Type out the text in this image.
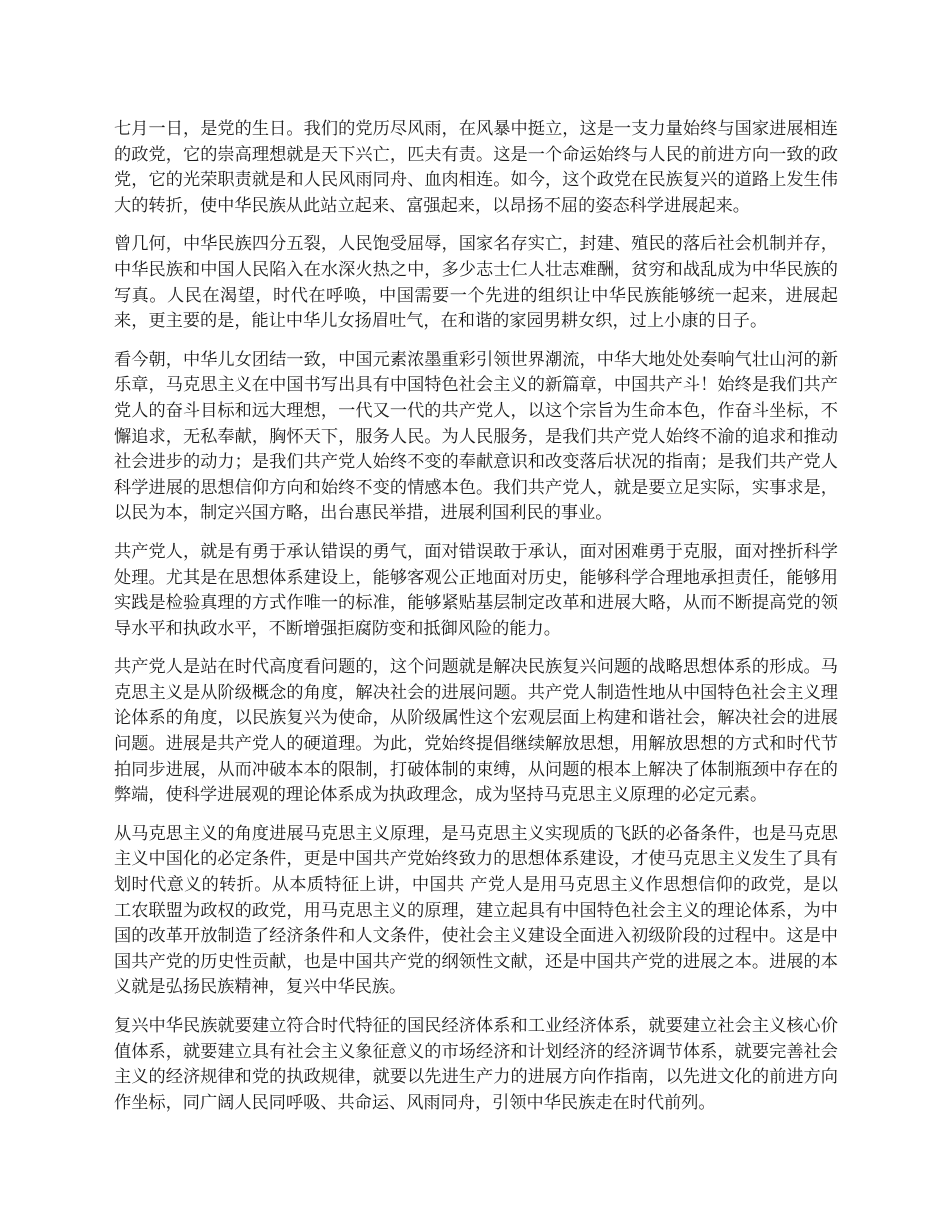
七月一日，是党的生日。我们的党历尽风雨，在风暴中挺立，这是一支力量始终与国家进展相连的政党，它的崇高理想就是天下兴亡，匹夫有责。这是一个命运始终与人民的前进方向一致的政党，它的光荣职责就是和人民风雨同舟、血肉相连。如今，这个政党在民族复兴的道路上发生伟大的转折，使中华民族从此站立起来、富强起来，以昂扬不屈的姿态科学进展起来。

曾几何，中华民族四分五裂，人民饱受屈辱，国家名存实亡，封建、殖民的落后社会机制并存，中华民族和中国人民陷入在水深火热之中，多少志士仁人壮志难酬，贫穷和战乱成为中华民族的写真。人民在渴望，时代在呼唤，中国需要一个先进的组织让中华民族能够统一起来，进展起来，更主要的是，能让中华儿女扬眉吐气，在和谐的家园男耕女织，过上小康的日子。

看今朝，中华儿女团结一致，中国元素浓墨重彩引领世界潮流，中华大地处处奏响气壮山河的新乐章，马克思主义在中国书写出具有中国特色社会主义的新篇章，中国共产斗！始终是我们共产党人的奋斗目标和远大理想，一代又一代的共产党人，以这个宗旨为生命本色，作奋斗坐标，不懈追求，无私奉献，胸怀天下，服务人民。为人民服务，是我们共产党人始终不渝的追求和推动社会进步的动力；是我们共产党人始终不变的奉献意识和改变落后状况的指南；是我们共产党人科学进展的思想信仰方向和始终不变的情感本色。我们共产党人，就是要立足实际，实事求是，以民为本，制定兴国方略，出台惠民举措，进展利国利民的事业。

共产党人，就是有勇于承认错误的勇气，面对错误敢于承认，面对困难勇于克服，面对挫折科学处理。尤其是在思想体系建设上，能够客观公正地面对历史，能够科学合理地承担责任，能够用实践是检验真理的方式作唯一的标准，能够紧贴基层制定改革和进展大略，从而不断提高党的领导水平和执政水平，不断增强拒腐防变和抵御风险的能力。

共产党人是站在时代高度看问题的，这个问题就是解决民族复兴问题的战略思想体系的形成。马克思主义是从阶级概念的角度，解决社会的进展问题。共产党人制造性地从中国特色社会主义理论体系的角度，以民族复兴为使命，从阶级属性这个宏观层面上构建和谐社会，解决社会的进展问题。进展是共产党人的硬道理。为此，党始终提倡继续解放思想，用解放思想的方式和时代节拍同步进展，从而冲破本本的限制，打破体制的束缚，从问题的根本上解决了体制瓶颈中存在的弊端，使科学进展观的理论体系成为执政理念，成为坚持马克思主义原理的必定元素。

从马克思主义的角度进展马克思主义原理，是马克思主义实现质的飞跃的必备条件，也是马克思主义中国化的必定条件，更是中国共产党始终致力的思想体系建设，才使马克思主义发生了具有划时代意义的转折。从本质特征上讲，中国共 产党人是用马克思主义作思想信仰的政党，是以工农联盟为政权的政党，用马克思主义的原理，建立起具有中国特色社会主义的理论体系，为中国的改革开放制造了经济条件和人文条件，使社会主义建设全面进入初级阶段的过程中。这是中国共产党的历史性贡献，也是中国共产党的纲领性文献，还是中国共产党的进展之本。进展的本义就是弘扬民族精神，复兴中华民族。

复兴中华民族就要建立符合时代特征的国民经济体系和工业经济体系，就要建立社会主义核心价值体系，就要建立具有社会主义象征意义的市场经济和计划经济的经济调节体系，就要完善社会主义的经济规律和党的执政规律，就要以先进生产力的进展方向作指南，以先进文化的前进方向作坐标，同广阔人民同呼吸、共命运、风雨同舟，引领中华民族走在时代前列。
